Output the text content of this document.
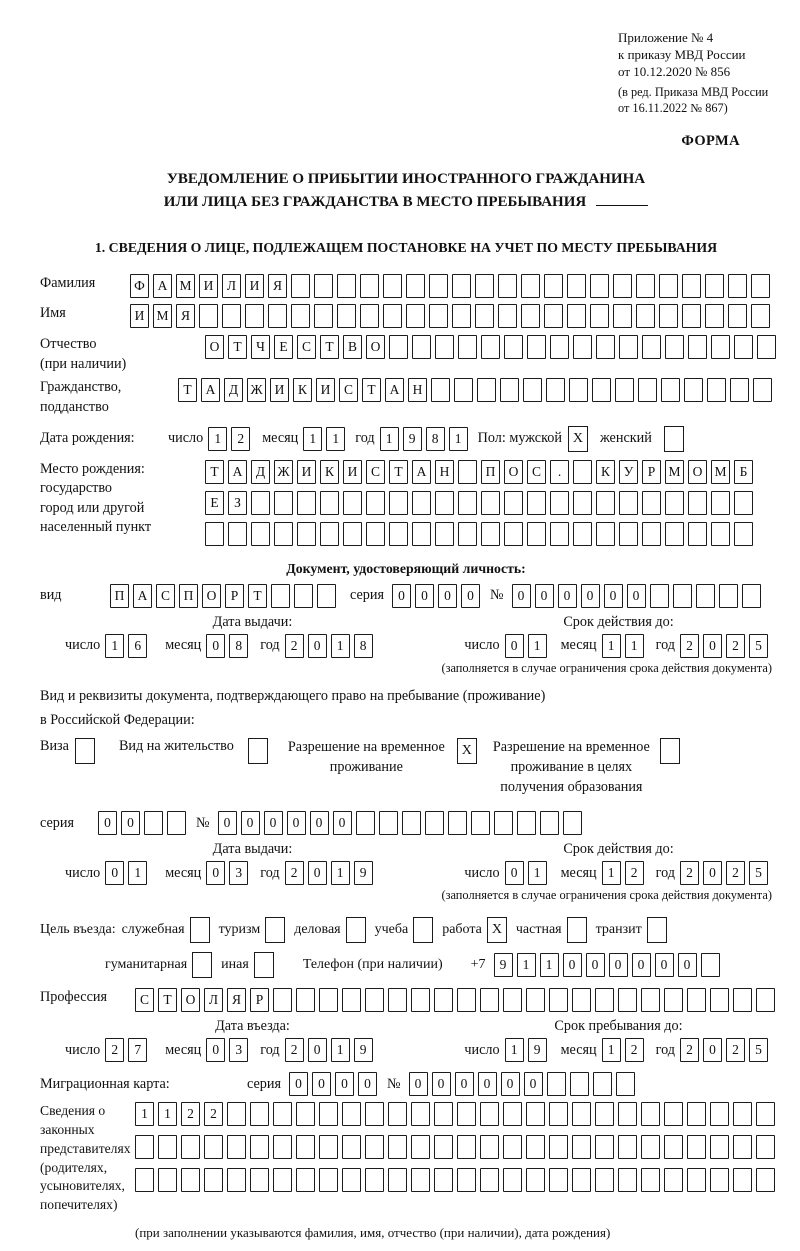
Приложение № 4
к приказу МВД России
от 10.12.2020 № 856
(в ред. Приказа МВД России
от 16.11.2022 № 867)
ФОРМА
УВЕДОМЛЕНИЕ О ПРИБЫТИИ ИНОСТРАННОГО ГРАЖДАНИНА
ИЛИ ЛИЦА БЕЗ ГРАЖДАНСТВА В МЕСТО ПРЕБЫВАНИЯ
1. СВЕДЕНИЯ О ЛИЦЕ, ПОДЛЕЖАЩЕМ ПОСТАНОВКЕ НА УЧЕТ ПО МЕСТУ ПРЕБЫВАНИЯ
Фамилия	Ф А М И	Л	И	Я
Имя	И М Я
Отчество
(при наличии)
О	Т	Ч	Е	С	Т	В	О
Гражданство,
подданство
Т	А	Д Ж И	К	И	С	Т	А Н
Дата рождения:	число 1	2	месяц 1	1	год 1	9	8	1	Пол: мужской X	женский
Место рождения:
государство
город или другой
населенный пункт
Т	А	Д Ж И	К	И	С	Т	А Н	П О	С	.	К	У	Р М О М Б
Е	З
Документ, удостоверяющий личность:
вид	П А	С	П О	Р	Т	серия	0	0	0	0	№	0	0	0	0	0	0
Дата выдачи:	Срок действия до:
число 1	6	месяц 0	8	год 2	0	1	8	число 0	1	месяц 1	1	год 2	0	2	5
(заполняется в случае ограничения срока действия документа)
Вид и реквизиты документа, подтверждающего право на пребывание (проживание)
в Российской Федерации:
Виза	Вид на жительство	Разрешение на временное
проживание
X	Разрешение на временное
проживание в целях
получения образования
серия	0	0	№	0	0	0	0	0	0
Дата выдачи:	Срок действия до:
число 0	1	месяц 0	3	год 2	0	1	9	число 0	1	месяц 1	2	год 2	0	2	5
(заполняется в случае ограничения срока действия документа)
Цель въезда: служебная туризм деловая учеба работа X частная транзит
гуманитарная иная	Телефон (при наличии) +7	9	1	1	0	0	0	0	0	0
Профессия	С	Т	О	Л	Я	Р
Дата въезда:	Срок пребывания до:
число 2	7	месяц 0	3	год 2	0	1	9	число 1	9	месяц 1	2	год 2	0	2	5
Миграционная карта:	серия	0	0	0	0	№	0	0	0	0	0	0
Сведения о
законных
представителях
(родителях,
усыновителях,
попечителях)
1	1	2	2
(при заполнении указываются фамилия, имя, отчество (при наличии), дата рождения)
